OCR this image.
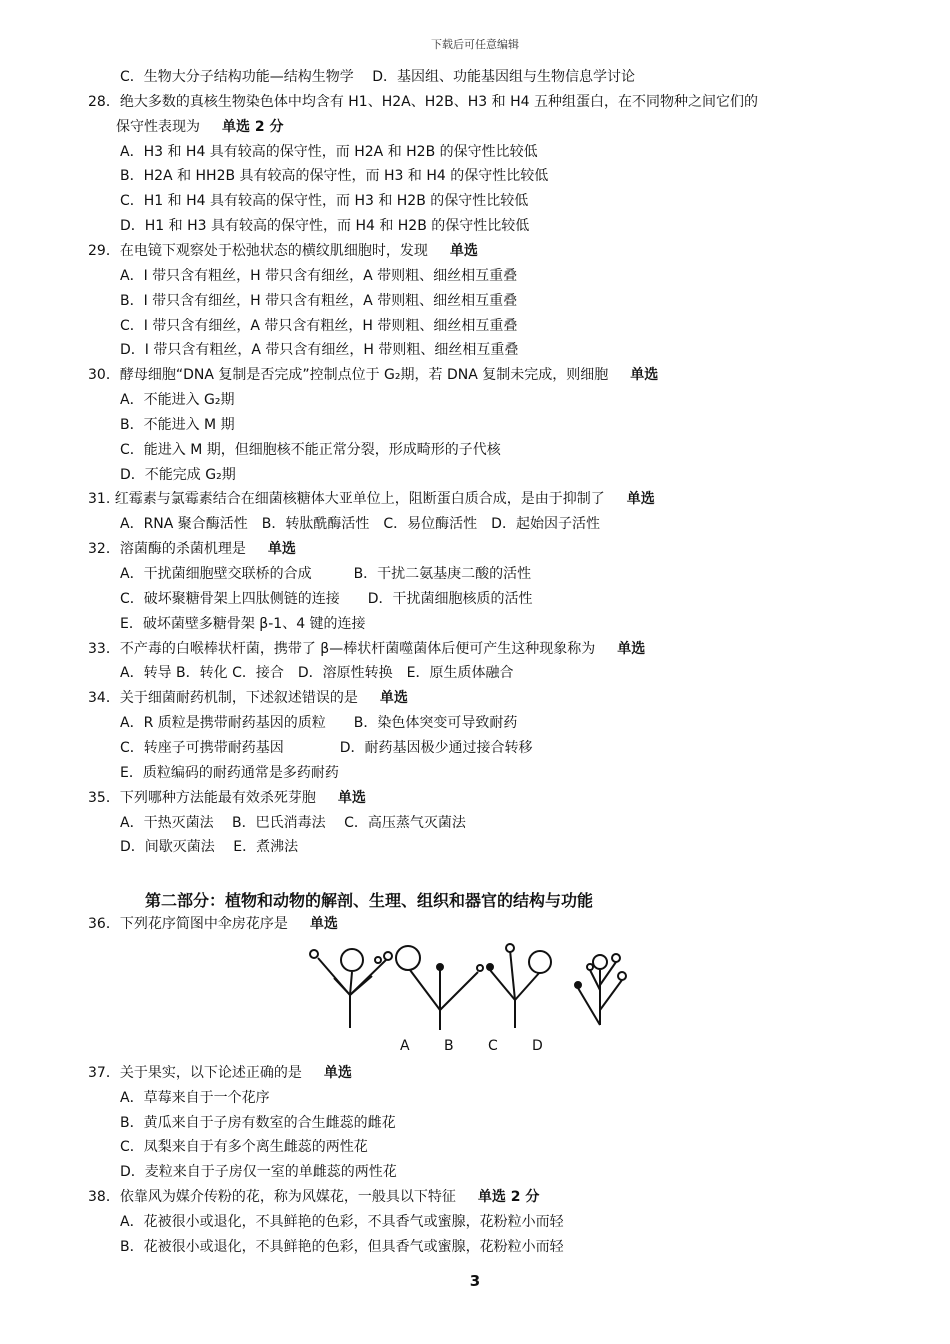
下载后可任意编辑
C．生物大分子结构功能—结构生物学　 D．基因组、功能基因组与生物信息学讨论
28．绝大多数的真核生物染色体中均含有 H1、H2A、H2B、H3 和 H4 五种组蛋白，在不同物种之间它们的
　　保守性表现为 单选 2 分
A．H3 和 H4 具有较高的保守性，而 H2A 和 H2B 的保守性比较低
B．H2A 和 HH2B 具有较高的保守性，而 H3 和 H4 的保守性比较低
C．H1 和 H4 具有较高的保守性，而 H3 和 H2B 的保守性比较低
D．H1 和 H3 具有较高的保守性，而 H4 和 H2B 的保守性比较低
29．在电镜下观察处于松弛状态的横纹肌细胞时，发现 单选
A．I 带只含有粗丝，H 带只含有细丝，A 带则粗、细丝相互重叠
B．I 带只含有细丝，H 带只含有粗丝，A 带则粗、细丝相互重叠
C．I 带只含有细丝，A 带只含有粗丝，H 带则粗、细丝相互重叠
D．I 带只含有粗丝，A 带只含有细丝，H 带则粗、细丝相互重叠
30．酵母细胞“DNA 复制是否完成”控制点位于 G₂期，若 DNA 复制未完成，则细胞 单选
A．不能进入 G₂期
B．不能进入 M 期
C．能进入 M 期，但细胞核不能正常分裂，形成畸形的子代核
D．不能完成 G₂期
31. 红霉素与氯霉素结合在细菌核糖体大亚单位上，阻断蛋白质合成，是由于抑制了 单选
A．RNA 聚合酶活性　B．转肽酰酶活性　C．易位酶活性　D．起始因子活性
32．溶菌酶的杀菌机理是 单选
A．干扰菌细胞壁交联桥的合成　　　B．干扰二氨基庚二酸的活性
C．破坏聚糖骨架上四肽侧链的连接　　D．干扰菌细胞核质的活性
E．破坏菌壁多糖骨架 β-1、4 键的连接
33．不产毒的白喉棒状杆菌，携带了 β—棒状杆菌噬菌体后便可产生这种现象称为 单选
A．转导 B．转化 C．接合　D．溶原性转换　E．原生质体融合
34．关于细菌耐药机制，下述叙述错误的是 单选
A．R 质粒是携带耐药基因的质粒　　B．染色体突变可导致耐药
C．转座子可携带耐药基因　　　　D．耐药基因极少通过接合转移
E．质粒编码的耐药通常是多药耐药
35．下列哪种方法能最有效杀死芽胞 单选
A．干热灭菌法　 B．巴氏消毒法　 C．高压蒸气灭菌法
D．间歇灭菌法　 E．煮沸法
第二部分：植物和动物的解剖、生理、组织和器官的结构与功能
36．下列花序简图中伞房花序是 单选
A B C D
37．关于果实，以下论述正确的是 单选
A．草莓来自于一个花序
B．黄瓜来自于子房有数室的合生雌蕊的雌花
C．凤梨来自于有多个离生雌蕊的两性花
D．麦粒来自于子房仅一室的单雌蕊的两性花
38．依靠风为媒介传粉的花，称为风媒花，一般具以下特征 单选 2 分
A．花被很小或退化，不具鲜艳的色彩，不具香气或蜜腺，花粉粒小而轻
B．花被很小或退化，不具鲜艳的色彩，但具香气或蜜腺，花粉粒小而轻
3
